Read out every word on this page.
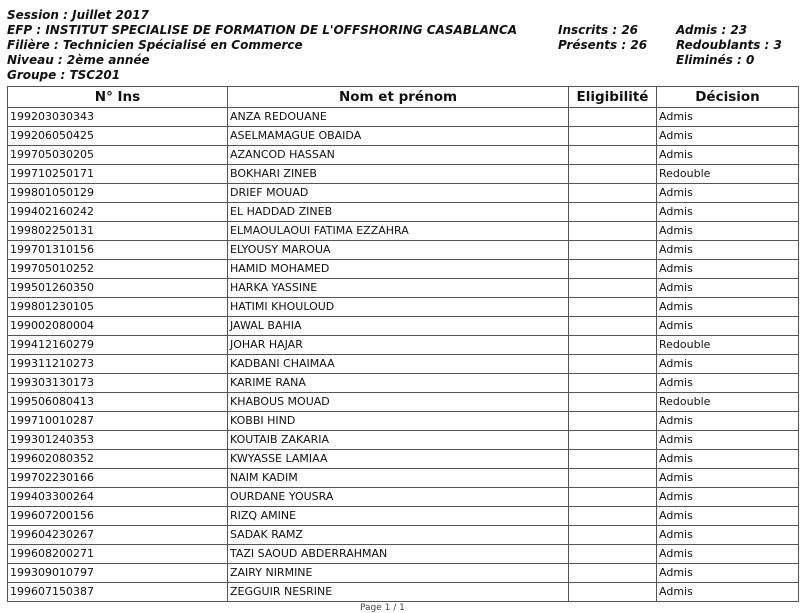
Session : Juillet 2017
EFP : INSTITUT SPECIALISE DE FORMATION DE L'OFFSHORING CASABLANCA
Filière : Technicien Spécialisé en Commerce
Niveau : 2ème année
Groupe : TSC201
Inscrits : 26
Présents : 26
Admis : 23
Redoublants : 3
Eliminés : 0
N° Ins	Nom et prénom	Eligibilité	Décision
199203030343	ANZA REDOUANE		Admis
199206050425	ASELMAMAGUE OBAIDA		Admis
199705030205	AZANCOD HASSAN		Admis
199710250171	BOKHARI ZINEB		Redouble
199801050129	DRIEF MOUAD		Admis
199402160242	EL HADDAD ZINEB		Admis
199802250131	ELMAOULAOUI FATIMA EZZAHRA		Admis
199701310156	ELYOUSY MAROUA		Admis
199705010252	HAMID MOHAMED		Admis
199501260350	HARKA YASSINE		Admis
199801230105	HATIMI KHOULOUD		Admis
199002080004	JAWAL BAHIA		Admis
199412160279	JOHAR HAJAR		Redouble
199311210273	KADBANI CHAIMAA		Admis
199303130173	KARIME RANA		Admis
199506080413	KHABOUS MOUAD		Redouble
199710010287	KOBBI HIND		Admis
199301240353	KOUTAIB ZAKARIA		Admis
199602080352	KWYASSE LAMIAA		Admis
199702230166	NAIM KADIM		Admis
199403300264	OURDANE YOUSRA		Admis
199607200156	RIZQ AMINE		Admis
199604230267	SADAK RAMZ		Admis
199608200271	TAZI SAOUD ABDERRAHMAN		Admis
199309010797	ZAIRY NIRMINE		Admis
199607150387	ZEGGUIR NESRINE		Admis
Page 1 / 1
